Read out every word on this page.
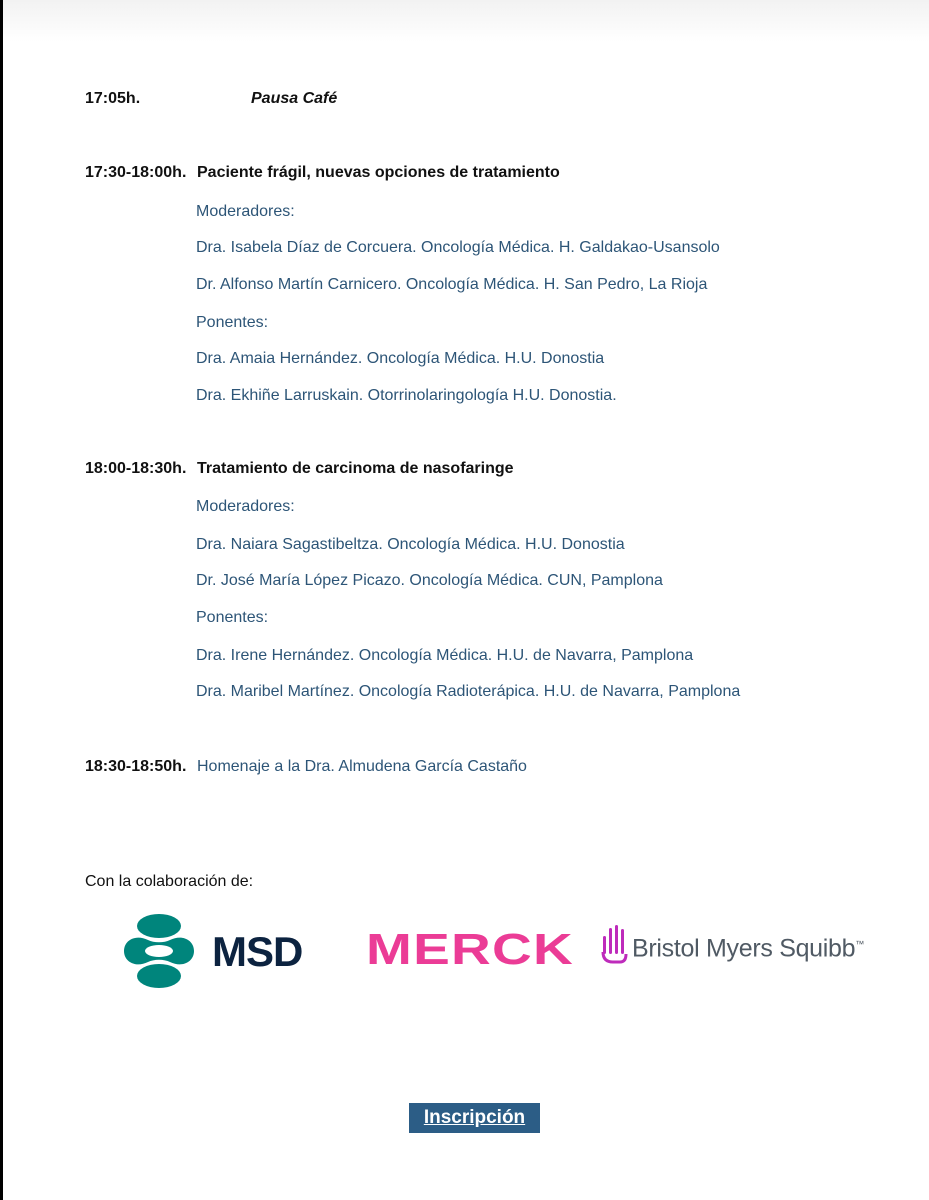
17:05h.	Pausa Café
17:30-18:00h. Paciente frágil, nuevas opciones de tratamiento
Moderadores:
Dra. Isabela Díaz de Corcuera. Oncología Médica. H. Galdakao-Usansolo
Dr. Alfonso Martín Carnicero. Oncología Médica. H. San Pedro, La Rioja
Ponentes:
Dra. Amaia Hernández. Oncología Médica. H.U. Donostia
Dra. Ekhiñe Larruskain. Otorrinolaringología H.U. Donostia.
18:00-18:30h. Tratamiento de carcinoma de nasofaringe
Moderadores:
Dra. Naiara Sagastibeltza. Oncología Médica. H.U. Donostia
Dr. José María López Picazo. Oncología Médica. CUN, Pamplona
Ponentes:
Dra. Irene Hernández. Oncología Médica. H.U. de Navarra, Pamplona
Dra. Maribel Martínez. Oncología Radioterápica. H.U. de Navarra, Pamplona
18:30-18:50h. Homenaje a la Dra. Almudena García Castaño
Con la colaboración de:
MSD MERCK Bristol Myers Squibb™
Inscripción
